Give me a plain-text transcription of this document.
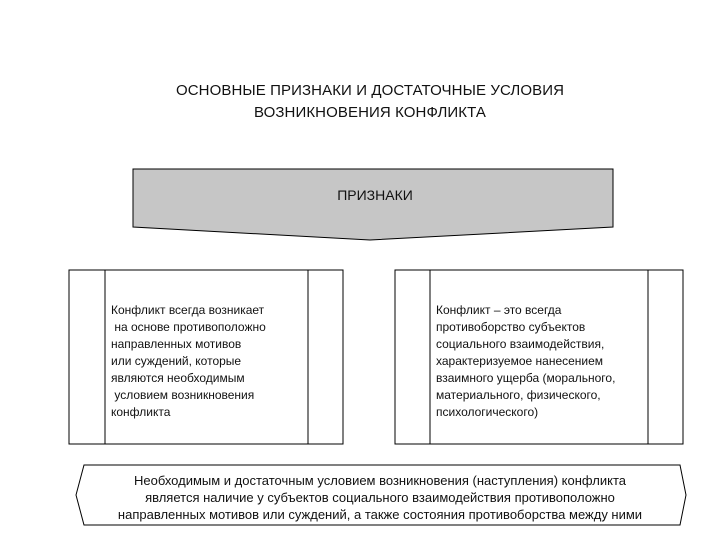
ОСНОВНЫЕ ПРИЗНАКИ И ДОСТАТОЧНЫЕ УСЛОВИЯ
ВОЗНИКНОВЕНИЯ КОНФЛИКТА
ПРИЗНАКИ
Конфликт всегда возникает
на основе противоположно
направленных мотивов
или суждений, которые
являются необходимым
условием возникновения
конфликта
Конфликт – это всегда
противоборство субъектов
социального взаимодействия,
характеризуемое нанесением
взаимного ущерба (морального,
материального, физического,
психологического)
Необходимым и достаточным условием возникновения (наступления) конфликта
является наличие у субъектов социального взаимодействия противоположно
направленных мотивов или суждений, а также состояния противоборства между ними
